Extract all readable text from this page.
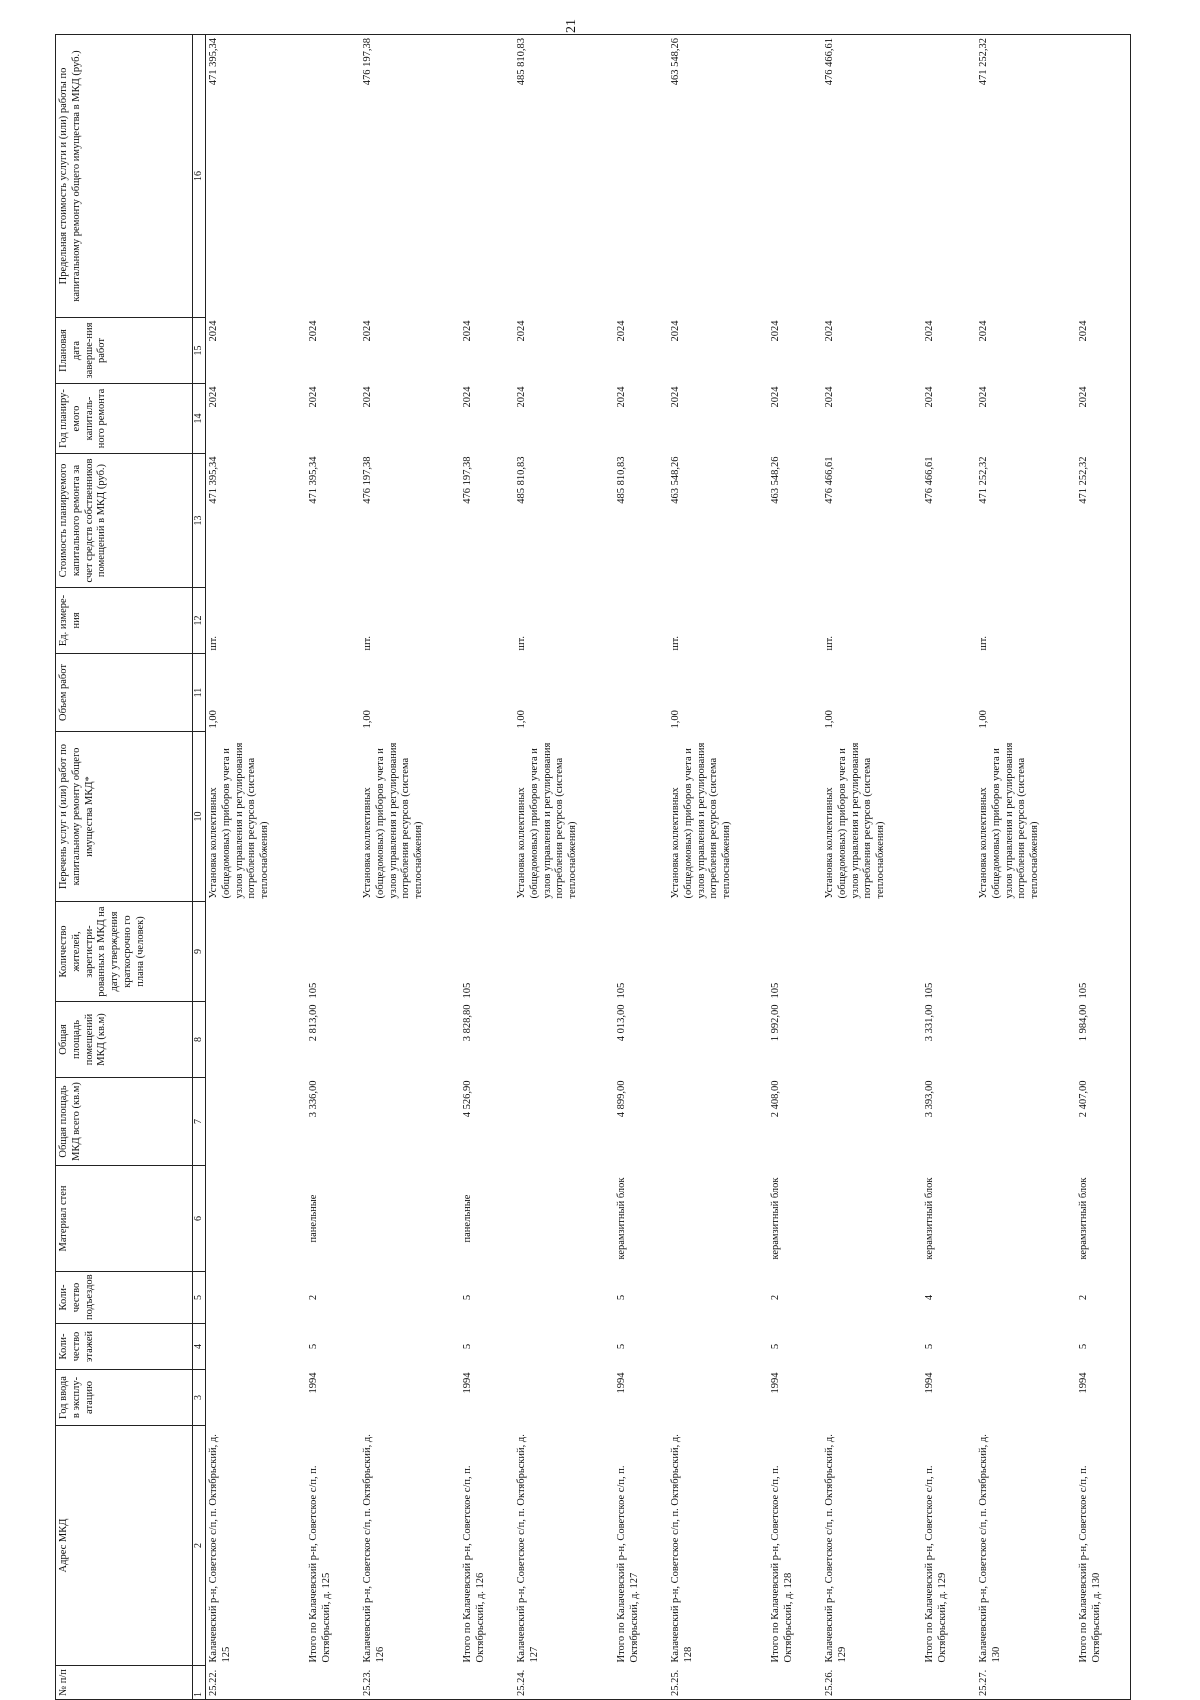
21
№ п/п	Адрес МКД	Год ввода в эксплу-атацию	Коли-чество этажей	Коли-чество подъездов	Материал стен	Общая площадь МКД всего (кв.м)	Общая площадь помещений МКД (кв.м)	Количество жителей, зарегистри-рованных в МКД на дату утверждения краткосрочно го плана (человек)	Перечень услуг и (или) работ по капитальному ремонту общего имущества МКД*	Объем работ	Ед. измере-ния	Стоимость планируемого капитального ремонта за счет средств собственников помещений в МКД (руб.)	Год планиру-емого капиталь-ного ремонта	Плановая дата заверше-ния работ	Предельная стоимость услуги и (или) работы по капитальному ремонту общего имущества в МКД (руб.)
1	2	3	4	5	6	7	8	9	10	11	12	13	14	15	16
25.22.	Калачевский р-н, Советское с/п, п. Октябрьский, д. 125								Установка коллективных (общедомовых) приборов учета и узлов управления и регулирования потребления ресурсов (система теплоснабжения)	1,00	шт.	471 395,34	2024	2024	471 395,34
	Итого по Калачевский р-н, Советское с/п, п. Октябрьский, д. 125	1994	5	2	панельные	3 336,00	2 813,00	105				471 395,34	2024	2024	
25.23.	Калачевский р-н, Советское с/п, п. Октябрьский, д. 126								Установка коллективных (общедомовых) приборов учета и узлов управления и регулирования потребления ресурсов (система теплоснабжения)	1,00	шт.	476 197,38	2024	2024	476 197,38
	Итого по Калачевский р-н, Советское с/п, п. Октябрьский, д. 126	1994	5	5	панельные	4 526,90	3 828,80	105				476 197,38	2024	2024	
25.24.	Калачевский р-н, Советское с/п, п. Октябрьский, д. 127								Установка коллективных (общедомовых) приборов учета и узлов управления и регулирования потребления ресурсов (система теплоснабжения)	1,00	шт.	485 810,83	2024	2024	485 810,83
	Итого по Калачевский р-н, Советское с/п, п. Октябрьский, д. 127	1994	5	5	керамзитный блок	4 899,00	4 013,00	105				485 810,83	2024	2024	
25.25.	Калачевский р-н, Советское с/п, п. Октябрьский, д. 128								Установка коллективных (общедомовых) приборов учета и узлов управления и регулирования потребления ресурсов (система теплоснабжения)	1,00	шт.	463 548,26	2024	2024	463 548,26
	Итого по Калачевский р-н, Советское с/п, п. Октябрьский, д. 128	1994	5	2	керамзитный блок	2 408,00	1 992,00	105				463 548,26	2024	2024	
25.26.	Калачевский р-н, Советское с/п, п. Октябрьский, д. 129								Установка коллективных (общедомовых) приборов учета и узлов управления и регулирования потребления ресурсов (система теплоснабжения)	1,00	шт.	476 466,61	2024	2024	476 466,61
	Итого по Калачевский р-н, Советское с/п, п. Октябрьский, д. 129	1994	5	4	керамзитный блок	3 393,00	3 331,00	105				476 466,61	2024	2024	
25.27.	Калачевский р-н, Советское с/п, п. Октябрьский, д. 130								Установка коллективных (общедомовых) приборов учета и узлов управления и регулирования потребления ресурсов (система теплоснабжения)	1,00	шт.	471 252,32	2024	2024	471 252,32
	Итого по Калачевский р-н, Советское с/п, п. Октябрьский, д. 130	1994	5	2	керамзитный блок	2 407,00	1 984,00	105				471 252,32	2024	2024	
